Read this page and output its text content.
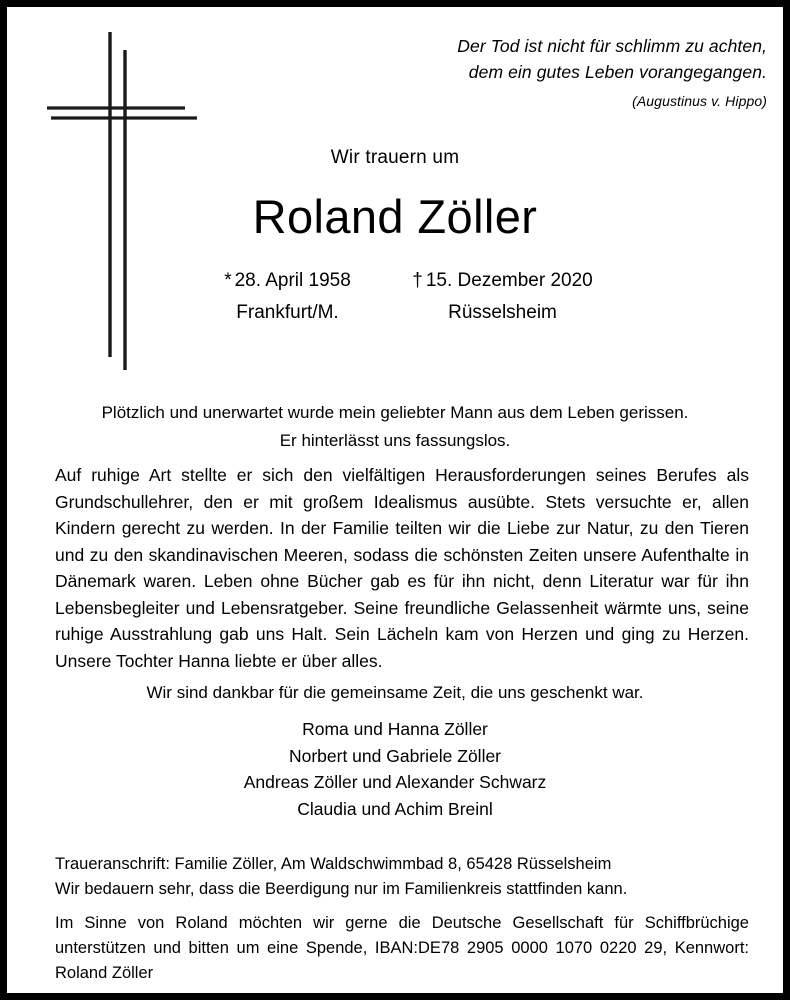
Der Tod ist nicht für schlimm zu achten,
dem ein gutes Leben vorangegangen.
(Augustinus v. Hippo)
Wir trauern um
Roland Zöller
* 28. April 1958
Frankfurt/M.
† 15. Dezember 2020
Rüsselsheim
Plötzlich und unerwartet wurde mein geliebter Mann aus dem Leben gerissen.
Er hinterlässt uns fassungslos.
Auf ruhige Art stellte er sich den vielfältigen Herausforderungen seines Berufes als Grundschullehrer, den er mit großem Idealismus ausübte. Stets versuchte er, allen Kindern gerecht zu werden. In der Familie teilten wir die Liebe zur Natur, zu den Tieren und zu den skandinavischen Meeren, sodass die schönsten Zeiten unsere Aufenthalte in Dänemark waren. Leben ohne Bücher gab es für ihn nicht, denn Literatur war für ihn Lebensbegleiter und Lebensratgeber. Seine freundliche Gelassenheit wärmte uns, seine ruhige Ausstrahlung gab uns Halt. Sein Lächeln kam von Herzen und ging zu Herzen. Unsere Tochter Hanna liebte er über alles.
Wir sind dankbar für die gemeinsame Zeit, die uns geschenkt war.
Roma und Hanna Zöller
Norbert und Gabriele Zöller
Andreas Zöller und Alexander Schwarz
Claudia und Achim Breinl
Traueranschrift: Familie Zöller, Am Waldschwimmbad 8, 65428 Rüsselsheim
Wir bedauern sehr, dass die Beerdigung nur im Familienkreis stattfinden kann.
Im Sinne von Roland möchten wir gerne die Deutsche Gesellschaft für Schiffbrüchige unterstützen und bitten um eine Spende, IBAN:DE78 2905 0000 1070 0220 29, Kennwort: Roland Zöller
